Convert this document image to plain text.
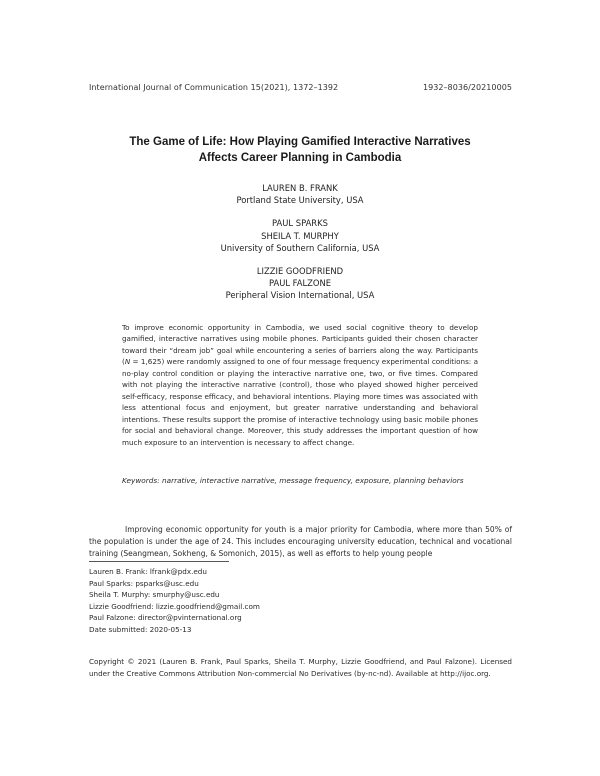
International Journal of Communication 15(2021), 1372–1392	1932–8036/20210005
The Game of Life: How Playing Gamified Interactive Narratives
Affects Career Planning in Cambodia
LAUREN B. FRANK
Portland State University, USA
PAUL SPARKS
SHEILA T. MURPHY
University of Southern California, USA
LIZZIE GOODFRIEND
PAUL FALZONE
Peripheral Vision International, USA

To improve economic opportunity in Cambodia, we used social cognitive theory to develop gamified, interactive narratives using mobile phones. Participants guided their chosen character toward their “dream job” goal while encountering a series of barriers along the way. Participants (N = 1,625) were randomly assigned to one of four message frequency experimental conditions: a no-play control condition or playing the interactive narrative one, two, or five times. Compared with not playing the interactive narrative (control), those who played showed higher perceived self-efficacy, response efficacy, and behavioral intentions. Playing more times was associated with less attentional focus and enjoyment, but greater narrative understanding and behavioral intentions. These results support the promise of interactive technology using basic mobile phones for social and behavioral change. Moreover, this study addresses the important question of how much exposure to an intervention is necessary to affect change.

Keywords: narrative, interactive narrative, message frequency, exposure, planning behaviors

Improving economic opportunity for youth is a major priority for Cambodia, where more than 50% of the population is under the age of 24. This includes encouraging university education, technical and vocational training (Seangmean, Sokheng, & Somonich, 2015), as well as efforts to help young people

Lauren B. Frank: lfrank@pdx.edu
Paul Sparks: psparks@usc.edu
Sheila T. Murphy: smurphy@usc.edu
Lizzie Goodfriend: lizzie.goodfriend@gmail.com
Paul Falzone: director@pvinternational.org
Date submitted: 2020-05-13

Copyright © 2021 (Lauren B. Frank, Paul Sparks, Sheila T. Murphy, Lizzie Goodfriend, and Paul Falzone). Licensed under the Creative Commons Attribution Non-commercial No Derivatives (by-nc-nd). Available at http://ijoc.org.
